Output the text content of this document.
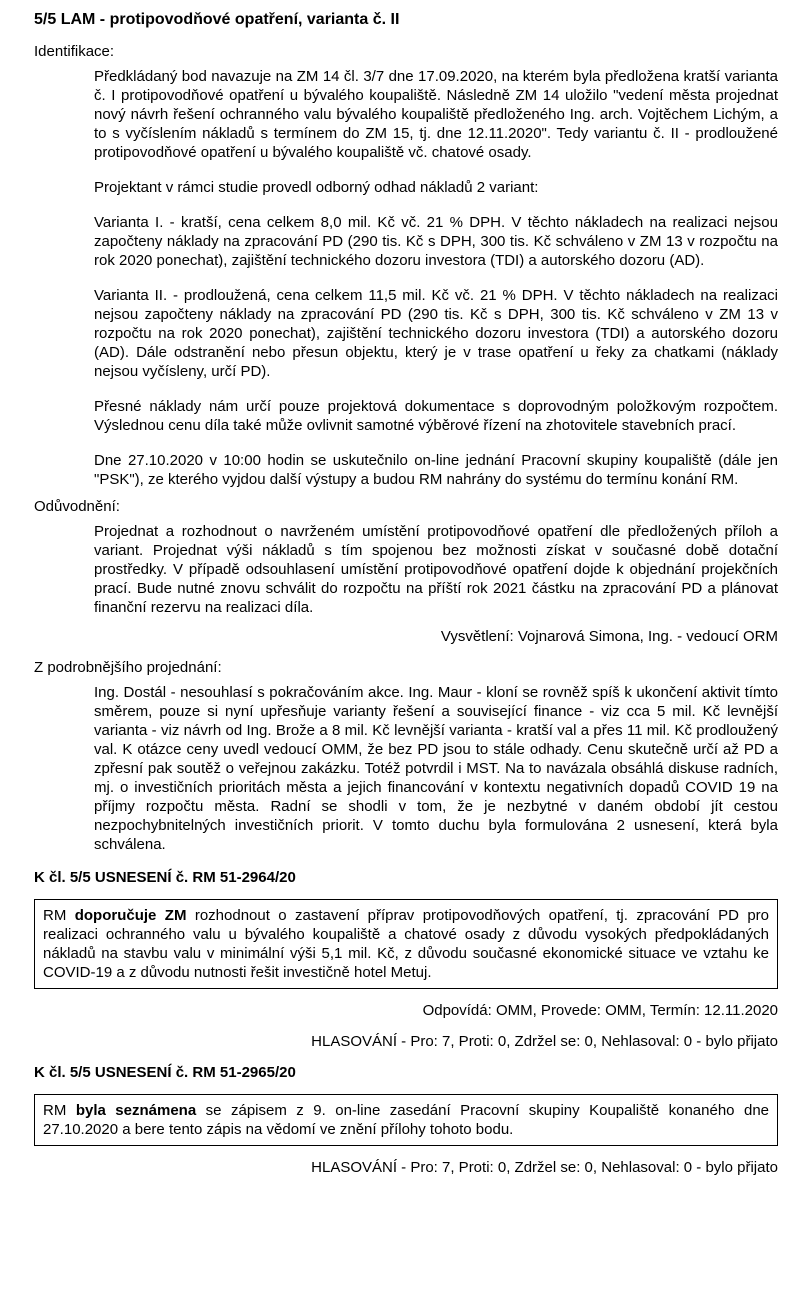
5/5 LAM - protipovodňové opatření, varianta č. II
Identifikace:

Předkládaný bod navazuje na ZM 14 čl. 3/7 dne 17.09.2020, na kterém byla předložena kratší varianta č. I protipovodňové opatření u bývalého koupaliště. Následně ZM 14 uložilo "vedení města projednat nový návrh řešení ochranného valu bývalého koupaliště předloženého Ing. arch. Vojtěchem Lichým, a to s vyčíslením nákladů s termínem do ZM 15, tj. dne 12.11.2020". Tedy variantu č. II - prodloužené protipovodňové opatření u bývalého koupaliště vč. chatové osady.

Projektant v rámci studie provedl odborný odhad nákladů 2 variant:

Varianta I. - kratší, cena celkem 8,0 mil. Kč vč. 21 % DPH. V těchto nákladech na realizaci nejsou započteny náklady na zpracování PD (290 tis. Kč s DPH, 300 tis. Kč schváleno v ZM 13 v rozpočtu na rok 2020 ponechat), zajištění technického dozoru investora (TDI) a autorského dozoru (AD).

Varianta II. - prodloužená, cena celkem 11,5 mil. Kč vč. 21 % DPH. V těchto nákladech na realizaci nejsou započteny náklady na zpracování PD (290 tis. Kč s DPH, 300 tis. Kč schváleno v ZM 13 v rozpočtu na rok 2020 ponechat), zajištění technického dozoru investora (TDI) a autorského dozoru (AD). Dále odstranění nebo přesun objektu, který je v trase opatření u řeky za chatkami (náklady nejsou vyčísleny, určí PD).

Přesné náklady nám určí pouze projektová dokumentace s doprovodným položkovým rozpočtem. Výslednou cenu díla také může ovlivnit samotné výběrové řízení na zhotovitele stavebních prací.

Dne 27.10.2020 v 10:00 hodin se uskutečnilo on-line jednání Pracovní skupiny koupaliště (dále jen "PSK"), ze kterého vyjdou další výstupy a budou RM nahrány do systému do termínu konání RM.

Odůvodnění:

Projednat a rozhodnout o navrženém umístění protipovodňové opatření dle předložených příloh a variant. Projednat výši nákladů s tím spojenou bez možnosti získat v současné době dotační prostředky. V případě odsouhlasení umístění protipovodňové opatření dojde k objednání projekčních prací. Bude nutné znovu schválit do rozpočtu na příští rok 2021 částku na zpracování PD a plánovat finanční rezervu na realizaci díla.

Vysvětlení: Vojnarová Simona, Ing. - vedoucí ORM
Z podrobnějšího projednání:

Ing. Dostál - nesouhlasí s pokračováním akce. Ing. Maur - kloní se rovněž spíš k ukončení aktivit tímto směrem, pouze si nyní upřesňuje varianty řešení a související finance - viz cca 5 mil. Kč levnější varianta - viz návrh od Ing. Brože a 8 mil. Kč levnější varianta - kratší val a přes 11 mil. Kč prodloužený val. K otázce ceny uvedl vedoucí OMM, že bez PD jsou to stále odhady. Cenu skutečně určí až PD a zpřesní pak soutěž o veřejnou zakázku. Totéž potvrdil i MST. Na to navázala obsáhlá diskuse radních, mj. o investičních prioritách města a jejich financování v kontextu negativních dopadů COVID 19 na příjmy rozpočtu města. Radní se shodli v tom, že je nezbytné v daném období jít cestou nezpochybnitelných investičních priorit. V tomto duchu byla formulována 2 usnesení, která byla schválena.

K čl. 5/5 USNESENÍ č. RM 51-2964/20

RM doporučuje ZM rozhodnout o zastavení příprav protipovodňových opatření, tj. zpracování PD pro realizaci ochranného valu u bývalého koupaliště a chatové osady z důvodu vysokých předpokládaných nákladů na stavbu valu v minimální výši 5,1 mil. Kč, z důvodu současné ekonomické situace ve vztahu ke COVID-19 a z důvodu nutnosti řešit investičně hotel Metuj.

Odpovídá: OMM, Provede: OMM, Termín: 12.11.2020
HLASOVÁNÍ - Pro: 7, Proti: 0, Zdržel se: 0, Nehlasoval: 0 - bylo přijato
K čl. 5/5 USNESENÍ č. RM 51-2965/20

RM byla seznámena se zápisem z 9. on-line zasedání Pracovní skupiny Koupaliště konaného dne 27.10.2020 a bere tento zápis na vědomí ve znění přílohy tohoto bodu.

HLASOVÁNÍ - Pro: 7, Proti: 0, Zdržel se: 0, Nehlasoval: 0 - bylo přijato
